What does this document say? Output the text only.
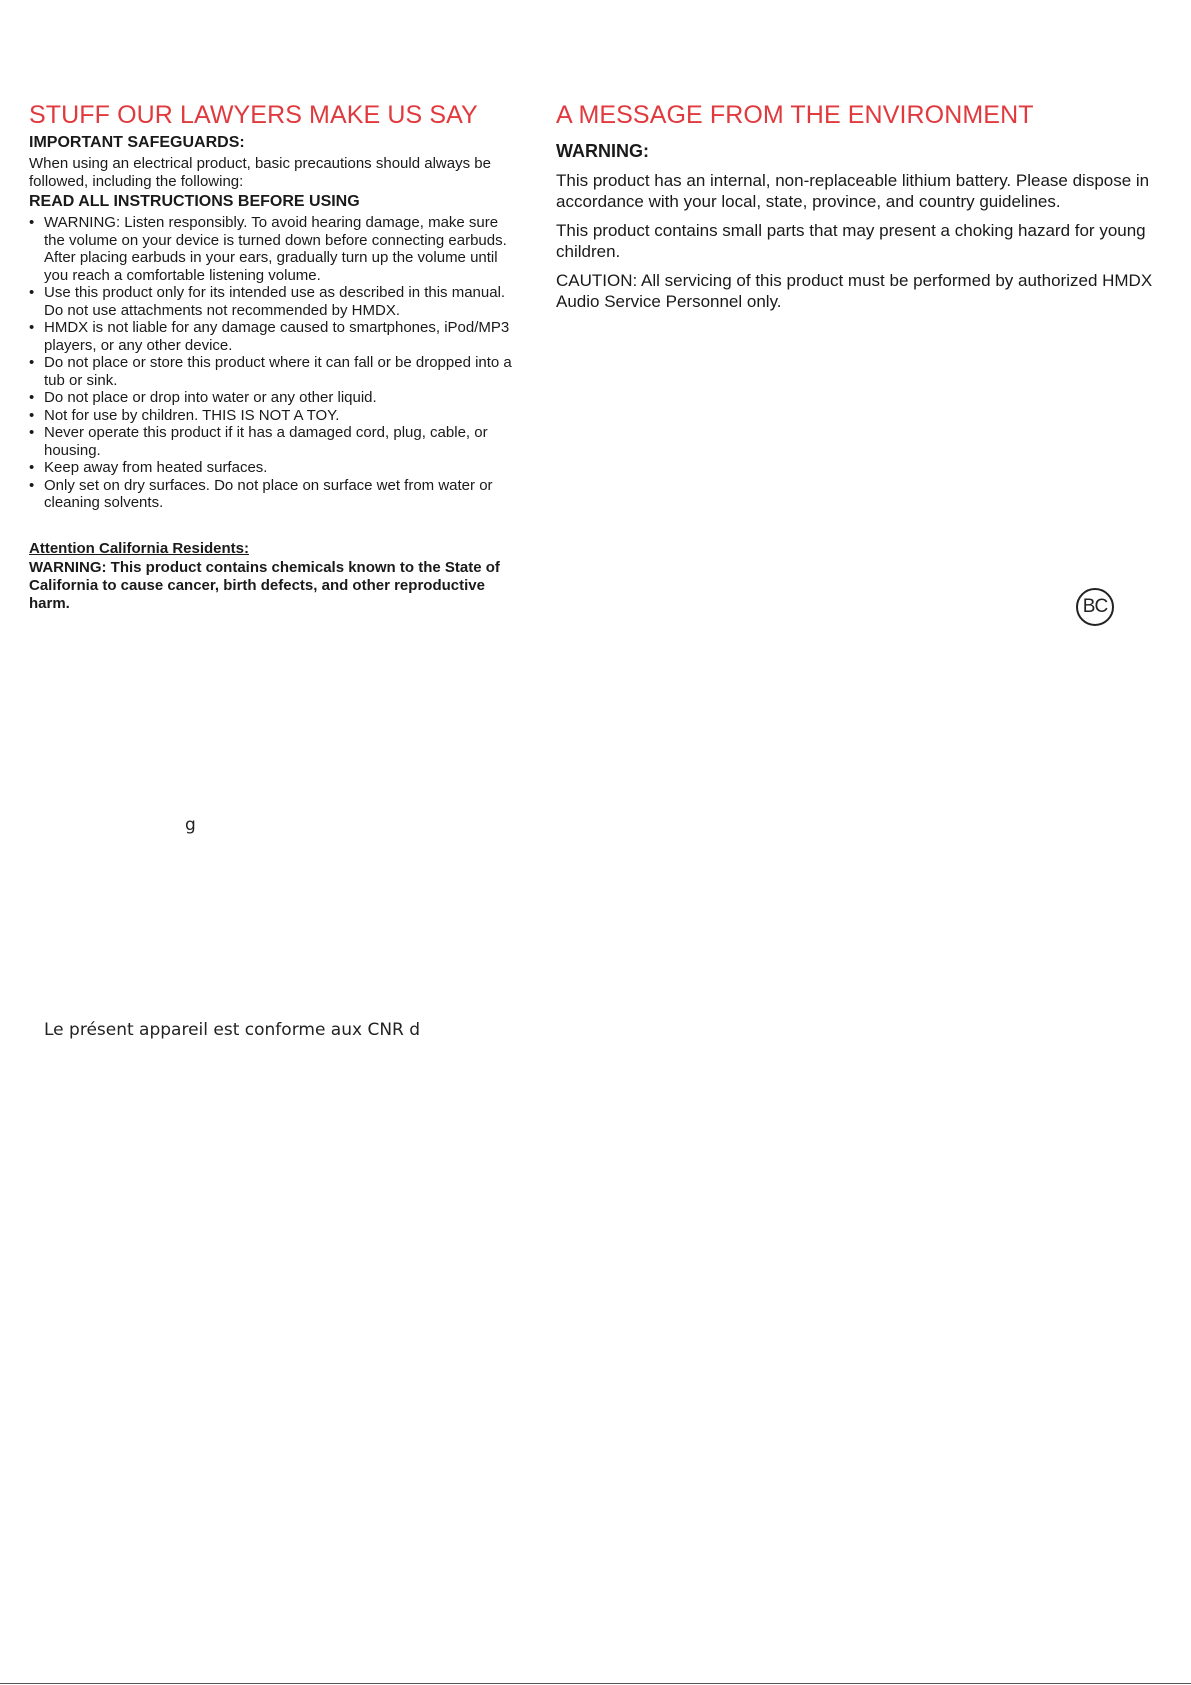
STUFF OUR LAWYERS MAKE US SAY

IMPORTANT SAFEGUARDS:

When using an electrical product, basic precautions should always be followed, including the following:

READ ALL INSTRUCTIONS BEFORE USING

• WARNING: Listen responsibly. To avoid hearing damage, make sure the volume on your device is turned down before connecting earbuds. After placing earbuds in your ears, gradually turn up the volume until you reach a comfortable listening volume.
• Use this product only for its intended use as described in this manual. Do not use attachments not recommended by HMDX.
• HMDX is not liable for any damage caused to smartphones, iPod/MP3 players, or any other device.
• Do not place or store this product where it can fall or be dropped into a tub or sink.
• Do not place or drop into water or any other liquid.
• Not for use by children. THIS IS NOT A TOY.
• Never operate this product if it has a damaged cord, plug, cable, or housing.
• Keep away from heated surfaces.
• Only set on dry surfaces. Do not place on surface wet from water or cleaning solvents.
Attention California Residents:
WARNING: This product contains chemicals known to the State of California to cause cancer, birth defects, and other reproductive harm.
A MESSAGE FROM THE ENVIRONMENT

WARNING:

This product has an internal, non-replaceable lithium battery. Please dispose in accordance with your local, state, province, and country guidelines.

This product contains small parts that may present a choking hazard for young children.

CAUTION: All servicing of this product must be performed by authorized HMDX Audio Service Personnel only.

BC
g
Le présent appareil est conforme aux CNR d
